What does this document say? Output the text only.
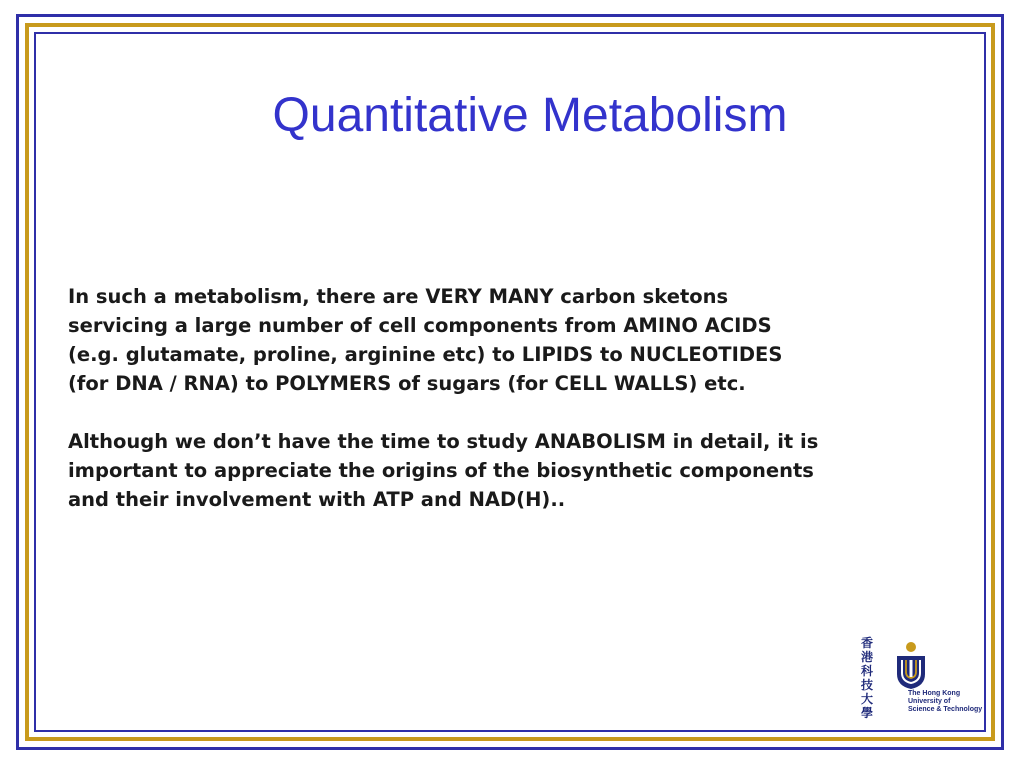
Quantitative Metabolism

In such a metabolism, there are VERY MANY carbon sketons
servicing a large number of cell components from AMINO ACIDS
(e.g. glutamate, proline, arginine etc) to LIPIDS to NUCLEOTIDES
(for DNA / RNA) to POLYMERS of sugars (for CELL WALLS) etc.

Although we don’t have the time to study ANABOLISM in detail, it is
important to appreciate the origins of the biosynthetic components
and their involvement with ATP and NAD(H)..

香
港
科
技
大
學
The Hong Kong
University of
Science & Technology
